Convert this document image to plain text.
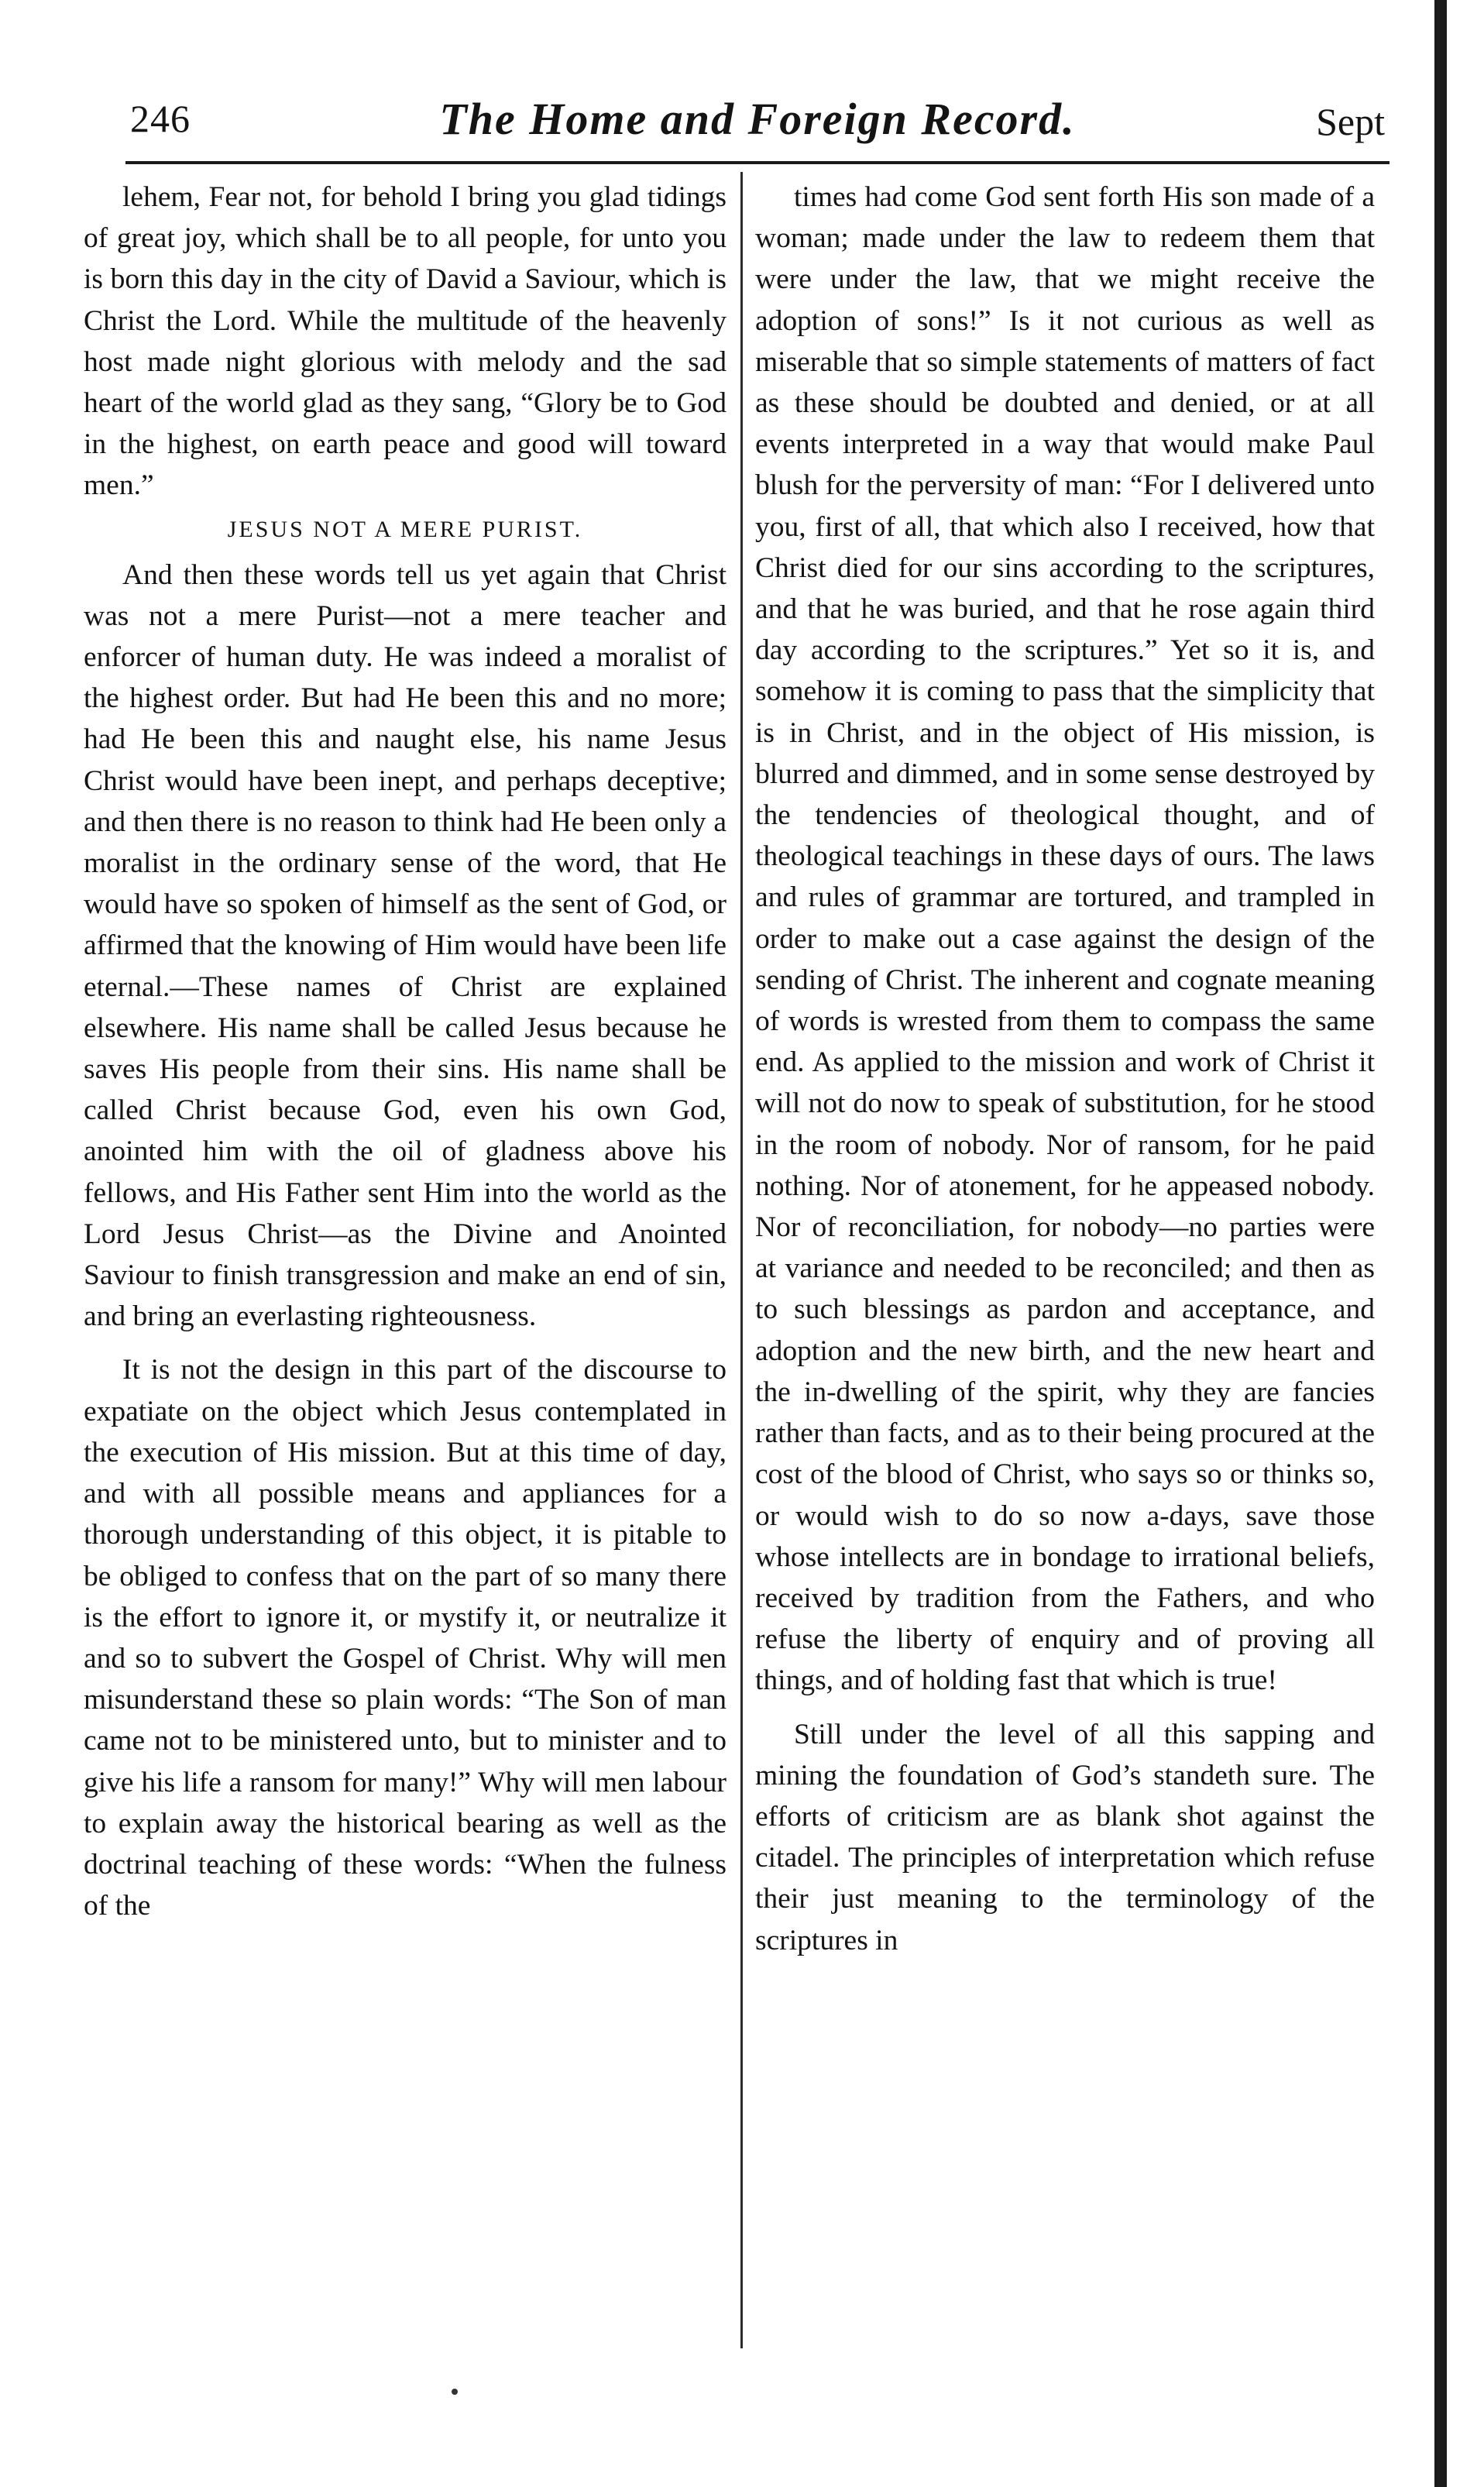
246	The Home and Foreign Record.	Sept

lehem, Fear not, for behold I bring you glad tidings of great joy, which shall be to all people, for unto you is born this day in the city of David a Saviour, which is Christ the Lord. While the multitude of the heavenly host made night glorious with melody and the sad heart of the world glad as they sang, “Glory be to God in the highest, on earth peace and good will toward men.”

JESUS NOT A MERE PURIST.

And then these words tell us yet again that Christ was not a mere Purist—not a mere teacher and enforcer of human duty. He was indeed a moralist of the highest order. But had He been this and no more; had He been this and naught else, his name Jesus Christ would have been inept, and perhaps deceptive; and then there is no reason to think had He been only a moralist in the ordinary sense of the word, that He would have so spoken of himself as the sent of God, or affirmed that the knowing of Him would have been life eternal.—These names of Christ are explained elsewhere. His name shall be called Jesus because he saves His people from their sins. His name shall be called Christ because God, even his own God, anointed him with the oil of gladness above his fellows, and His Father sent Him into the world as the Lord Jesus Christ—as the Divine and Anointed Saviour to finish transgression and make an end of sin, and bring an everlasting righteousness.

It is not the design in this part of the discourse to expatiate on the object which Jesus contemplated in the execution of His mission. But at this time of day, and with all possible means and appliances for a thorough understanding of this object, it is pitable to be obliged to confess that on the part of so many there is the effort to ignore it, or mystify it, or neutralize it and so to subvert the Gospel of Christ. Why will men misunderstand these so plain words: “The Son of man came not to be ministered unto, but to minister and to give his life a ransom for many!” Why will men labour to explain away the historical bearing as well as the doctrinal teaching of these words: “When the fulness of the

times had come God sent forth His son made of a woman; made under the law to redeem them that were under the law, that we might receive the adoption of sons!” Is it not curious as well as miserable that so simple statements of matters of fact as these should be doubted and denied, or at all events interpreted in a way that would make Paul blush for the perversity of man: “For I delivered unto you, first of all, that which also I received, how that Christ died for our sins according to the scriptures, and that he was buried, and that he rose again third day according to the scriptures.” Yet so it is, and somehow it is coming to pass that the simplicity that is in Christ, and in the object of His mission, is blurred and dimmed, and in some sense destroyed by the tendencies of theological thought, and of theological teachings in these days of ours. The laws and rules of grammar are tortured, and trampled in order to make out a case against the design of the sending of Christ. The inherent and cognate meaning of words is wrested from them to compass the same end. As applied to the mission and work of Christ it will not do now to speak of substitution, for he stood in the room of nobody. Nor of ransom, for he paid nothing. Nor of atonement, for he appeased nobody. Nor of reconciliation, for nobody—no parties were at variance and needed to be reconciled; and then as to such blessings as pardon and acceptance, and adoption and the new birth, and the new heart and the in-dwelling of the spirit, why they are fancies rather than facts, and as to their being procured at the cost of the blood of Christ, who says so or thinks so, or would wish to do so now a-days, save those whose intellects are in bondage to irrational beliefs, received by tradition from the Fathers, and who refuse the liberty of enquiry and of proving all things, and of holding fast that which is true!

Still under the level of all this sapping and mining the foundation of God’s standeth sure. The efforts of criticism are as blank shot against the citadel. The principles of interpretation which refuse their just meaning to the terminology of the scriptures in
